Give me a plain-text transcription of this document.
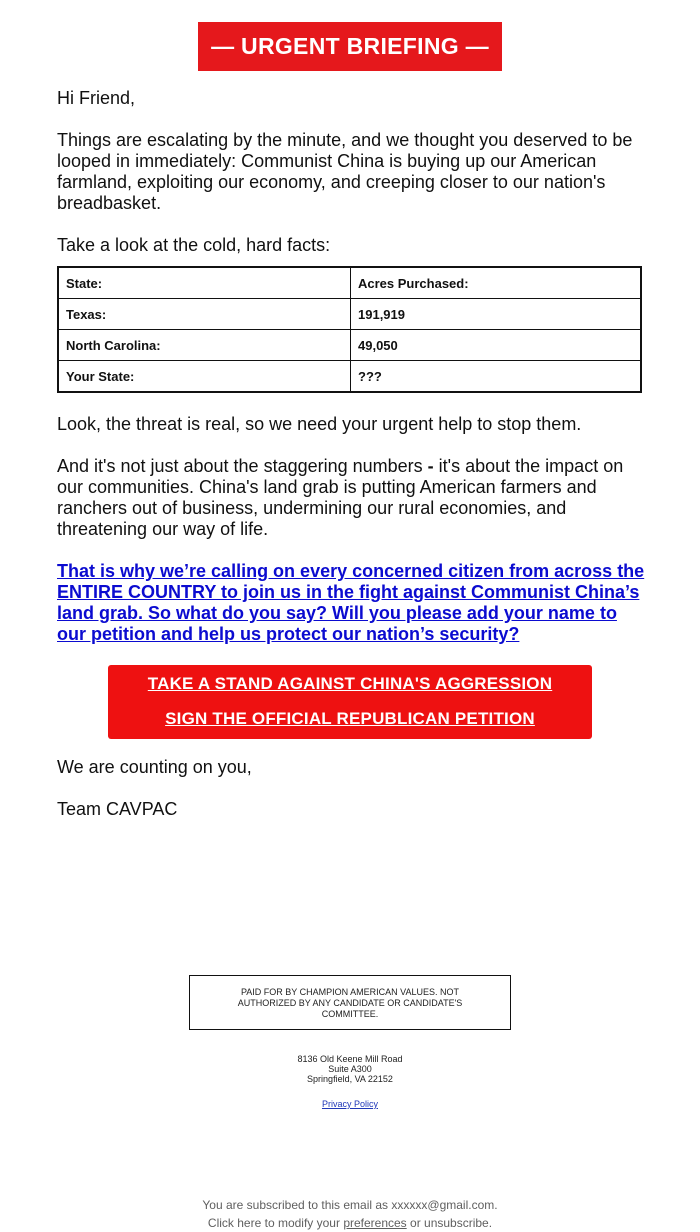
— URGENT BRIEFING —

Hi Friend,

Things are escalating by the minute, and we thought you deserved to be looped in immediately: Communist China is buying up our American farmland, exploiting our economy, and creeping closer to our nation's breadbasket.

Take a look at the cold, hard facts:

State:	Acres Purchased:
Texas:	191,919
North Carolina:	49,050
Your State:	???

Look, the threat is real, so we need your urgent help to stop them.

And it's not just about the staggering numbers - it's about the impact on our communities. China's land grab is putting American farmers and ranchers out of business, undermining our rural economies, and threatening our way of life.

That is why we’re calling on every concerned citizen from across the ENTIRE COUNTRY to join us in the fight against Communist China’s land grab. So what do you say? Will you please add your name to our petition and help us protect our nation’s security?
TAKE A STAND AGAINST CHINA'S AGGRESSION
SIGN THE OFFICIAL REPUBLICAN PETITION

We are counting on you,

Team CAVPAC

PAID FOR BY CHAMPION AMERICAN VALUES. NOT AUTHORIZED BY ANY CANDIDATE OR CANDIDATE'S COMMITTEE.
8136 Old Keene Mill Road
Suite A300
Springfield, VA 22152
Privacy Policy
You are subscribed to this email as xxxxxx@gmail.com.
Click here to modify your preferences or unsubscribe.
